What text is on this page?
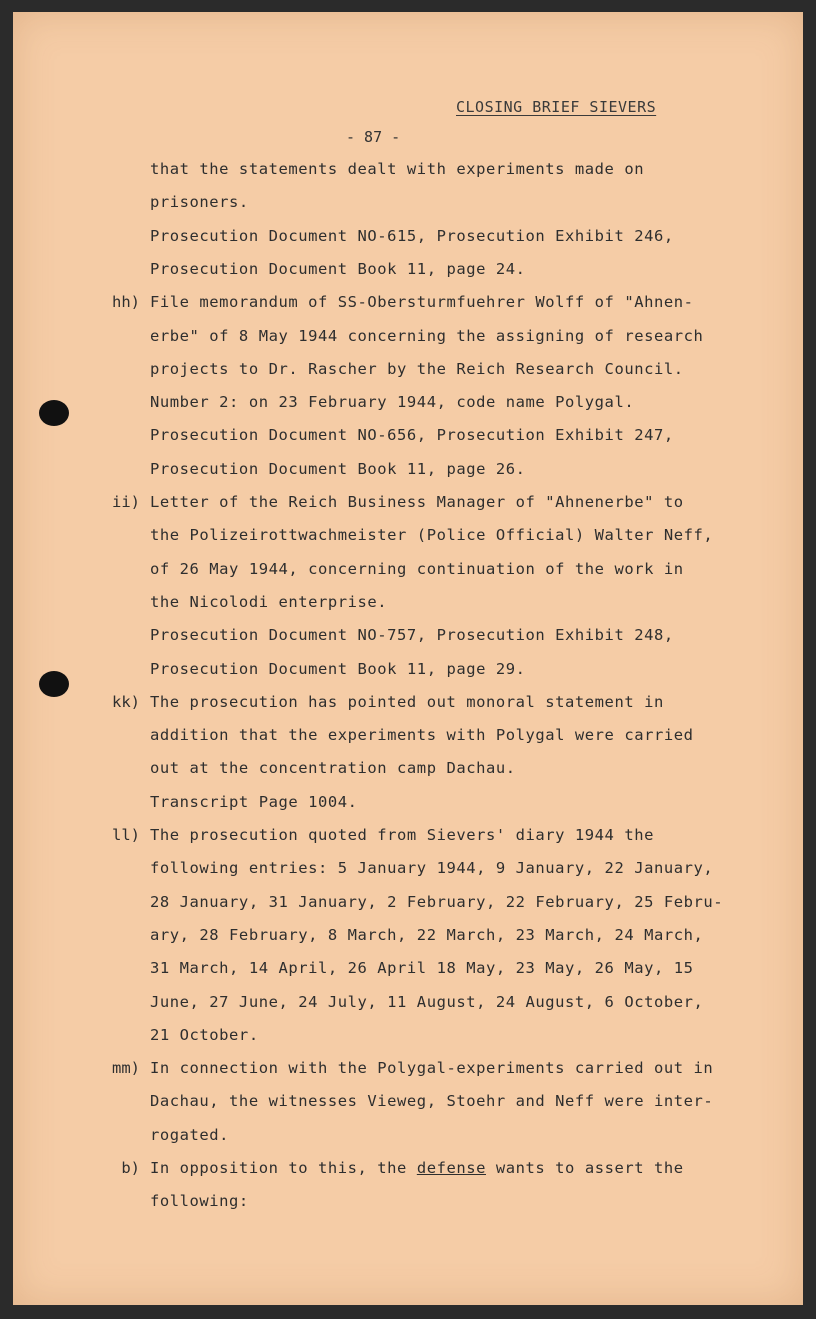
CLOSING BRIEF SIEVERS
- 87 -
that the statements dealt with experiments made on
prisoners.
Prosecution Document NO-615, Prosecution Exhibit 246,
Prosecution Document Book 11, page 24.
hh) File memorandum of SS-Obersturmfuehrer Wolff of "Ahnen-
erbe" of 8 May 1944 concerning the assigning of research
projects to Dr. Rascher by the Reich Research Council.
Number 2: on 23 February 1944, code name Polygal.
Prosecution Document NO-656, Prosecution Exhibit 247,
Prosecution Document Book 11, page 26.
ii) Letter of the Reich Business Manager of "Ahnenerbe" to
the Polizeirottwachmeister (Police Official) Walter Neff,
of 26 May 1944, concerning continuation of the work in
the Nicolodi enterprise.
Prosecution Document NO-757, Prosecution Exhibit 248,
Prosecution Document Book 11, page 29.
kk) The prosecution has pointed out monoral statement in
addition that the experiments with Polygal were carried
out at the concentration camp Dachau.
Transcript Page 1004.
ll) The prosecution quoted from Sievers' diary 1944 the
following entries: 5 January 1944, 9 January, 22 January,
28 January, 31 January, 2 February, 22 February, 25 Febru-
ary, 28 February, 8 March, 22 March, 23 March, 24 March,
31 March, 14 April, 26 April 18 May, 23 May, 26 May, 15
June, 27 June, 24 July, 11 August, 24 August, 6 October,
21 October.
mm) In connection with the Polygal-experiments carried out in
Dachau, the witnesses Vieweg, Stoehr and Neff were inter-
rogated.
b) In opposition to this, the defense wants to assert the
following:
